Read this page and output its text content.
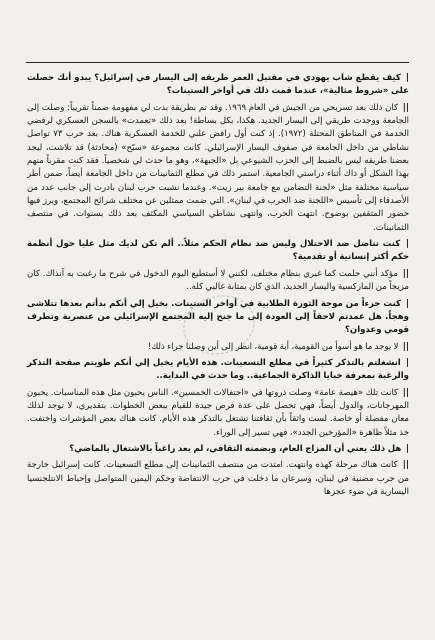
| كيف يقطع شاب يهودي في مقتبل العمر طريقه إلى اليسار في إسرائيل؟ يبدو أنك حصلت على «شروط مثالية»، عندما قمت ذلك في أواخر الستينات؟

|| كان ذلك بعد تسريحي من الجيش في العام ١٩٦٩. وقد تم بطريقة بدت لي مفهومة ضمناً تقريباً: وصلت إلى الجامعة ووجدت طريقي إلى اليسار الجديد. هكذا، بكل بساطة! بعد ذلك «تعمدت» بالسجن العسكري لرفضي الخدمة في المناطق المحتلة (١٩٧٢). إذ كنت أول رافض علني للخدمة العسكرية هناك. بعد حرب ٧٣ تواصل نشاطي من داخل الجامعة في صفوف اليسار الإسرائيلي. كانت مجموعة «سيّح» (محادثة) قد تلاشت، ليجد بعضنا طريقه ليس بالضبط إلى الحزب الشيوعي بل «الجبهة»، وهو ما حدث لي شخصياً. فقد كنت مقرباً منهم بهذا الشكل أو ذاك أثناء دراستي الجامعية. استمر ذلك في مطلع الثمانينات من داخل الجامعة أيضاً، ضمن أطر سياسية مختلفة مثل «لجنة التضامن مع جامعة بير زيت». وعندما نشبت حرب لبنان بادرت إلى جانب عدد من الأصدقاء إلى تأسيس «اللجنة ضد الحرب في لبنان». التي ضمت ممثلين عن مختلف شرائح المجتمع، وبرز فيها حضور المثقفين بوضوح. انتهت الحرب، وانتهى نشاطي السياسي المكثف بعد ذلك بسنوات. في منتصف الثمانينات.

| كنت تناضل ضد الاحتلال ولیس ضد نظام الحكم مثلاً.. ألم تكن لديك مثل عليا حول أنظمة حكم أكثر إنسانية أو تقدمية؟

|| مؤكد أنني حلمت كما غيري بنظام مختلف، لكنني لا أستطيع اليوم الدخول في شرح ما رغبت به آنذاك. كان مزيجاً من الماركسية واليسار الجديد، الذي كان بمثابة غالبي كله..

| كنت جزءاً من موجة الثورة الطلابية في أواخر الستينات. بخيل إلي أنكم بدأتم بعدها تتلاشى وهجاً. هل عمدتم لاحقاً إلى العودة إلى ما جنح إليه المجتمع الإسرائيلي من عنصرية وتطرف قومي وعدوان؟

|| لا يوجد ما هو أسوأ من القومية، أية قومية، انظر إلى أين وصلنا جراء ذلك!

| انشغلتم بالتذكر كثيراً في مطلع التسعينات. هذه الأيام يخيل إلي أنكم طويتم صفحة التذكر والرغبة بمعرفة خبايا الذاكرة الجماعية.. وما حدث في البداية..

|| كانت تلك «هيصة عامة» وصلت ذروتها في «احتفالات الخمسين». الناس يحبون مثل هذه المناسبات. يحبون المهرجانات، والدول أيضاً، فهي تحصل على عدة فرص جيدة للقيام ببعض الخطوات. بتقديري، لا توجد لذلك معان مفضلة أو خاصة. لست واثقاً بأن ثقافتنا تشتغل بالتذكر هذه الأيام. كانت هناك بعض المؤشرات واختفت. خذ مثلاً ظاهرة «المؤرخين الجدد»، فهي تسير إلى الوراء.

| هل ذلك يعني أن المزاج العام، وبضمنه الثقافي، لم يعد راغباً بالاشتغال بالماضي؟

|| كانت هناك مرحلة كهذه وانتهت. امتدت من منتصف الثمانينات إلى مطلع التسعينات. كانت إسرائيل خارجة من حرب مضنية في لبنان، وسرعان ما دخلت في حرب الانتفاضة وحكم اليمين المتواصل وإحباط الانتلجنسيا اليسارية في ضوء عجزها
